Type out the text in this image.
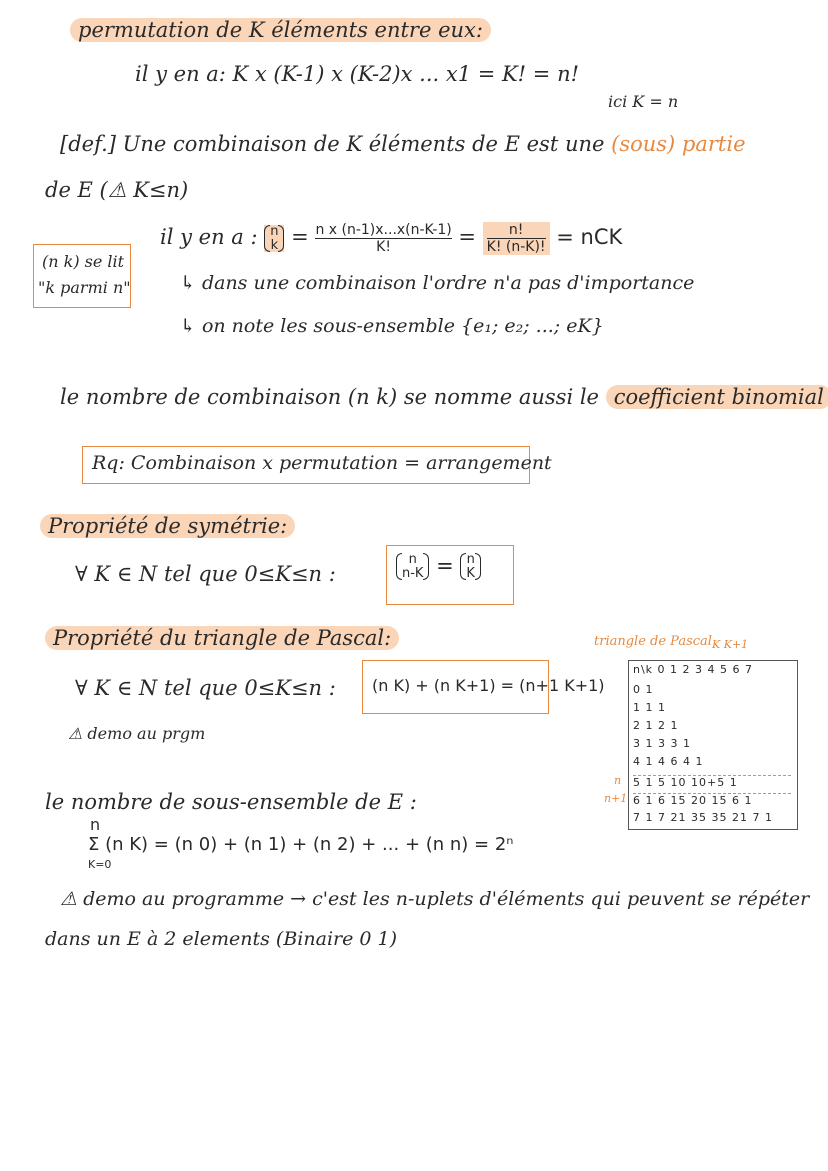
permutation de K éléments entre eux:
il y en a: K x (K-1) x (K-2)x ... x1 = K! = n!
ici K = n
[def.] Une combinaison de K éléments de E est une (sous) partie
de E (⚠ K≤n)
il y en a : n
$k = \frac{\text{n x (n-1)x...x(n-K-1)}}{K!} = \frac{n!}{K! (n-K)!}$ = nCK
(n k) se lit
"k parmi n"	↳ dans une combinaison l'ordre n'a pas d'importance
↳ on note les sous-ensemble {e₁; e₂; ...; eK}
le nombre de combinaison (n k) se nomme aussi le coefficient binomial
Rq: Combinaison x permutation = arrangement
Propriété de symétrie:
∀ K ∈ N tel que 0≤K≤n :
n
n-K = n
K
Propriété du triangle de Pascal:
∀ K ∈ N tel que 0≤K≤n : (n K) + (n K+1) = (n+1 K+1)
⚠ demo au prgm
triangle de Pascal K K+1
n\k 0 1 2 3 4 5 6 7
0 1
1 1 1
2 1 2 1
3 1 3 3 1
4 1 4 6 4 1
5 1 5 10 10+5 1
6 1 6 15 20 15 6 1
7 1 7 21 35 35 21 7 1
n
n+1
le nombre de sous-ensemble de E :
n
Σ (n K) = (n 0) + (n 1) + (n 2) + ... + (n n) = 2ⁿ
K=0
⚠ demo au programme → c'est les n-uplets d'éléments qui peuvent se répéter
dans un E à 2 elements (Binaire 0 1)
